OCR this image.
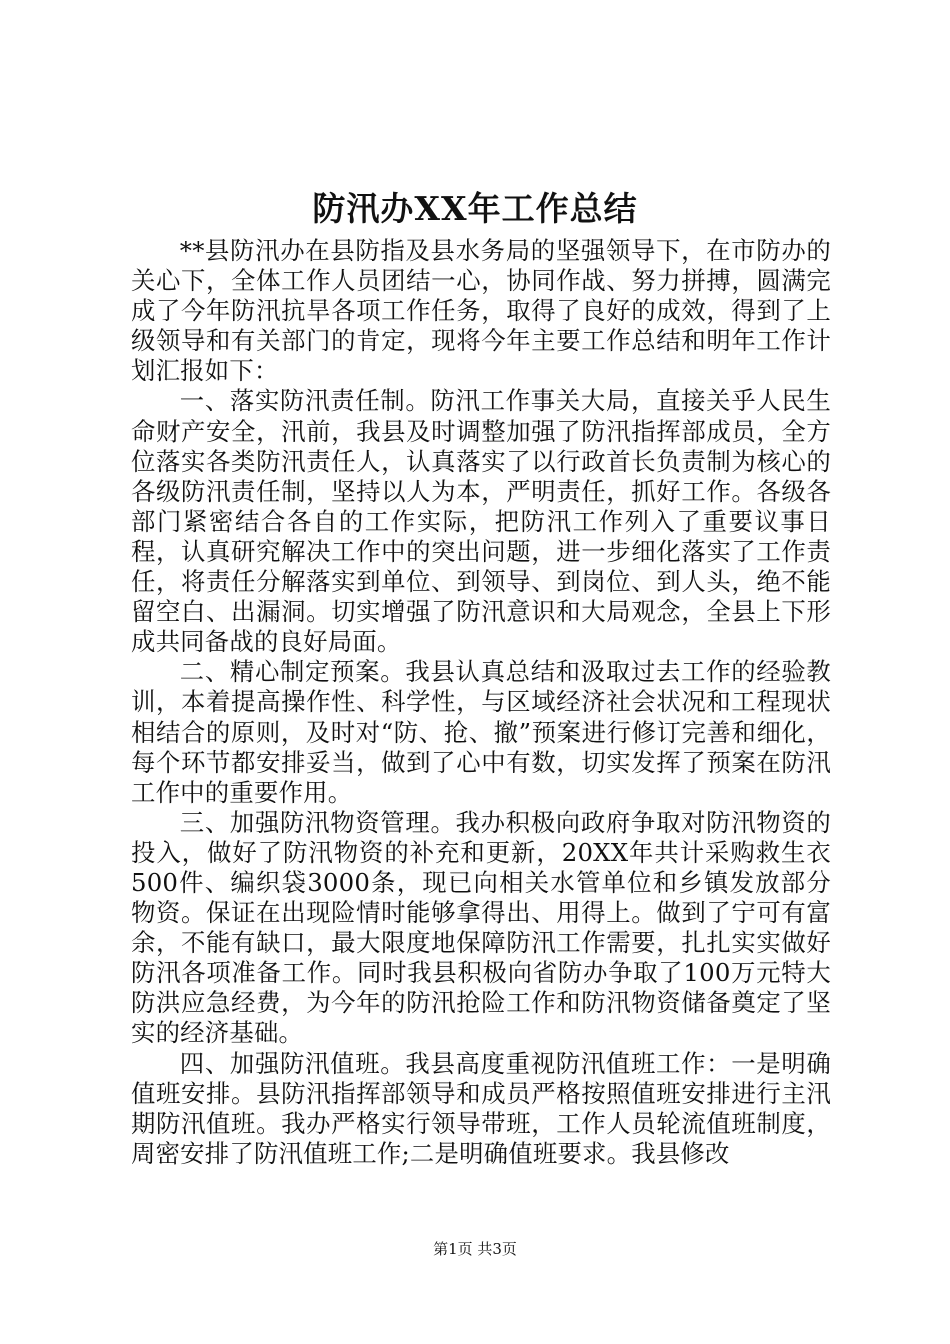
防汛办XX年工作总结

**县防汛办在县防指及县水务局的坚强领导下，在市防办的关心下，全体工作人员团结一心，协同作战、努力拼搏，圆满完成了今年防汛抗旱各项工作任务，取得了良好的成效，得到了上级领导和有关部门的肯定，现将今年主要工作总结和明年工作计划汇报如下：

一、落实防汛责任制。防汛工作事关大局，直接关乎人民生命财产安全，汛前，我县及时调整加强了防汛指挥部成员，全方位落实各类防汛责任人，认真落实了以行政首长负责制为核心的各级防汛责任制，坚持以人为本，严明责任，抓好工作。各级各部门紧密结合各自的工作实际，把防汛工作列入了重要议事日程，认真研究解决工作中的突出问题，进一步细化落实了工作责任，将责任分解落实到单位、到领导、到岗位、到人头，绝不能留空白、出漏洞。切实增强了防汛意识和大局观念，全县上下形成共同备战的良好局面。

二、精心制定预案。我县认真总结和汲取过去工作的经验教训，本着提高操作性、科学性，与区域经济社会状况和工程现状相结合的原则，及时对“防、抢、撤”预案进行修订完善和细化，每个环节都安排妥当，做到了心中有数，切实发挥了预案在防汛工作中的重要作用。

三、加强防汛物资管理。我办积极向政府争取对防汛物资的投入，做好了防汛物资的补充和更新，20XX年共计采购救生衣500件、编织袋3000条，现已向相关水管单位和乡镇发放部分物资。保证在出现险情时能够拿得出、用得上。做到了宁可有富余，不能有缺口，最大限度地保障防汛工作需要，扎扎实实做好防汛各项准备工作。同时我县积极向省防办争取了100万元特大防洪应急经费，为今年的防汛抢险工作和防汛物资储备奠定了坚实的经济基础。

四、加强防汛值班。我县高度重视防汛值班工作：一是明确值班安排。县防汛指挥部领导和成员严格按照值班安排进行主汛期防汛值班。我办严格实行领导带班，工作人员轮流值班制度，周密安排了防汛值班工作;二是明确值班要求。我县修改

第1页 共3页
